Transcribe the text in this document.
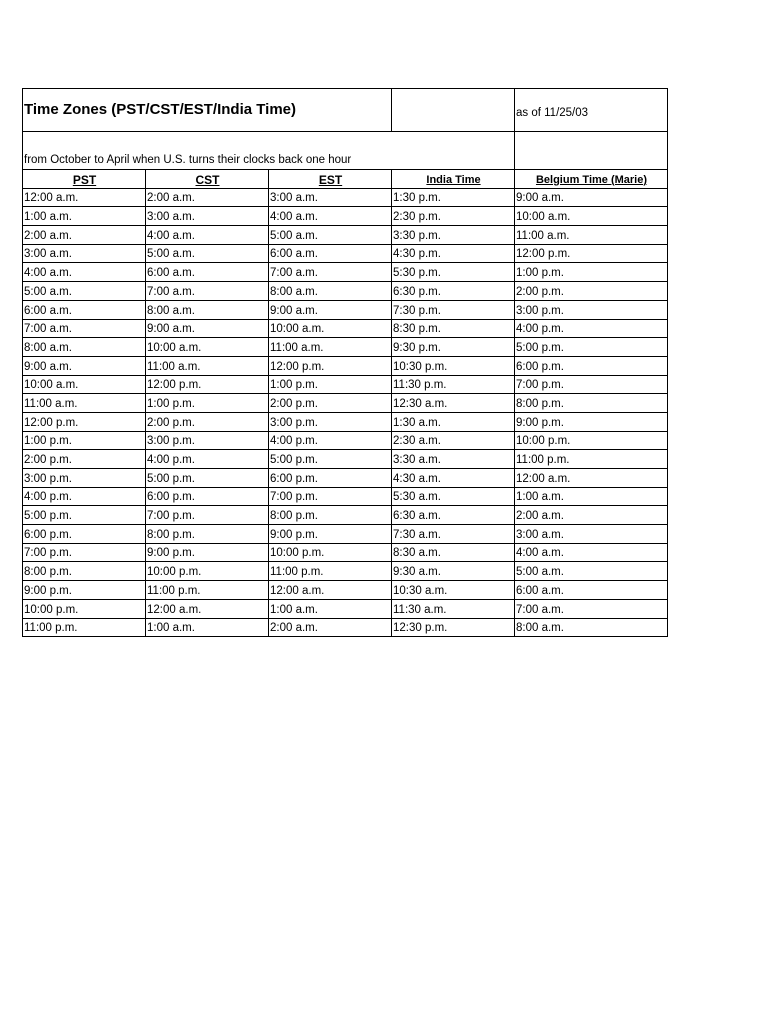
Time Zones (PST/CST/EST/India Time)				as of 11/25/03
from October to April when U.S. turns their clocks back one hour				
PST	CST	EST	India Time	Belgium Time (Marie)
12:00 a.m.	2:00 a.m.	3:00 a.m.	1:30 p.m.	9:00 a.m.
1:00 a.m.	3:00 a.m.	4:00 a.m.	2:30 p.m.	10:00 a.m.
2:00 a.m.	4:00 a.m.	5:00 a.m.	3:30 p.m.	11:00 a.m.
3:00 a.m.	5:00 a.m.	6:00 a.m.	4:30 p.m.	12:00 p.m.
4:00 a.m.	6:00 a.m.	7:00 a.m.	5:30 p.m.	1:00 p.m.
5:00 a.m.	7:00 a.m.	8:00 a.m.	6:30 p.m.	2:00 p.m.
6:00 a.m.	8:00 a.m.	9:00 a.m.	7:30 p.m.	3:00 p.m.
7:00 a.m.	9:00 a.m.	10:00 a.m.	8:30 p.m.	4:00 p.m.
8:00 a.m.	10:00 a.m.	11:00 a.m.	9:30 p.m.	5:00 p.m.
9:00 a.m.	11:00 a.m.	12:00 p.m.	10:30 p.m.	6:00 p.m.
10:00 a.m.	12:00 p.m.	1:00 p.m.	11:30 p.m.	7:00 p.m.
11:00 a.m.	1:00 p.m.	2:00 p.m.	12:30 a.m.	8:00 p.m.
12:00 p.m.	2:00 p.m.	3:00 p.m.	1:30 a.m.	9:00 p.m.
1:00 p.m.	3:00 p.m.	4:00 p.m.	2:30 a.m.	10:00 p.m.
2:00 p.m.	4:00 p.m.	5:00 p.m.	3:30 a.m.	11:00 p.m.
3:00 p.m.	5:00 p.m.	6:00 p.m.	4:30 a.m.	12:00 a.m.
4:00 p.m.	6:00 p.m.	7:00 p.m.	5:30 a.m.	1:00 a.m.
5:00 p.m.	7:00 p.m.	8:00 p.m.	6:30 a.m.	2:00 a.m.
6:00 p.m.	8:00 p.m.	9:00 p.m.	7:30 a.m.	3:00 a.m.
7:00 p.m.	9:00 p.m.	10:00 p.m.	8:30 a.m.	4:00 a.m.
8:00 p.m.	10:00 p.m.	11:00 p.m.	9:30 a.m.	5:00 a.m.
9:00 p.m.	11:00 p.m.	12:00 a.m.	10:30 a.m.	6:00 a.m.
10:00 p.m.	12:00 a.m.	1:00 a.m.	11:30 a.m.	7:00 a.m.
11:00 p.m.	1:00 a.m.	2:00 a.m.	12:30 p.m.	8:00 a.m.
